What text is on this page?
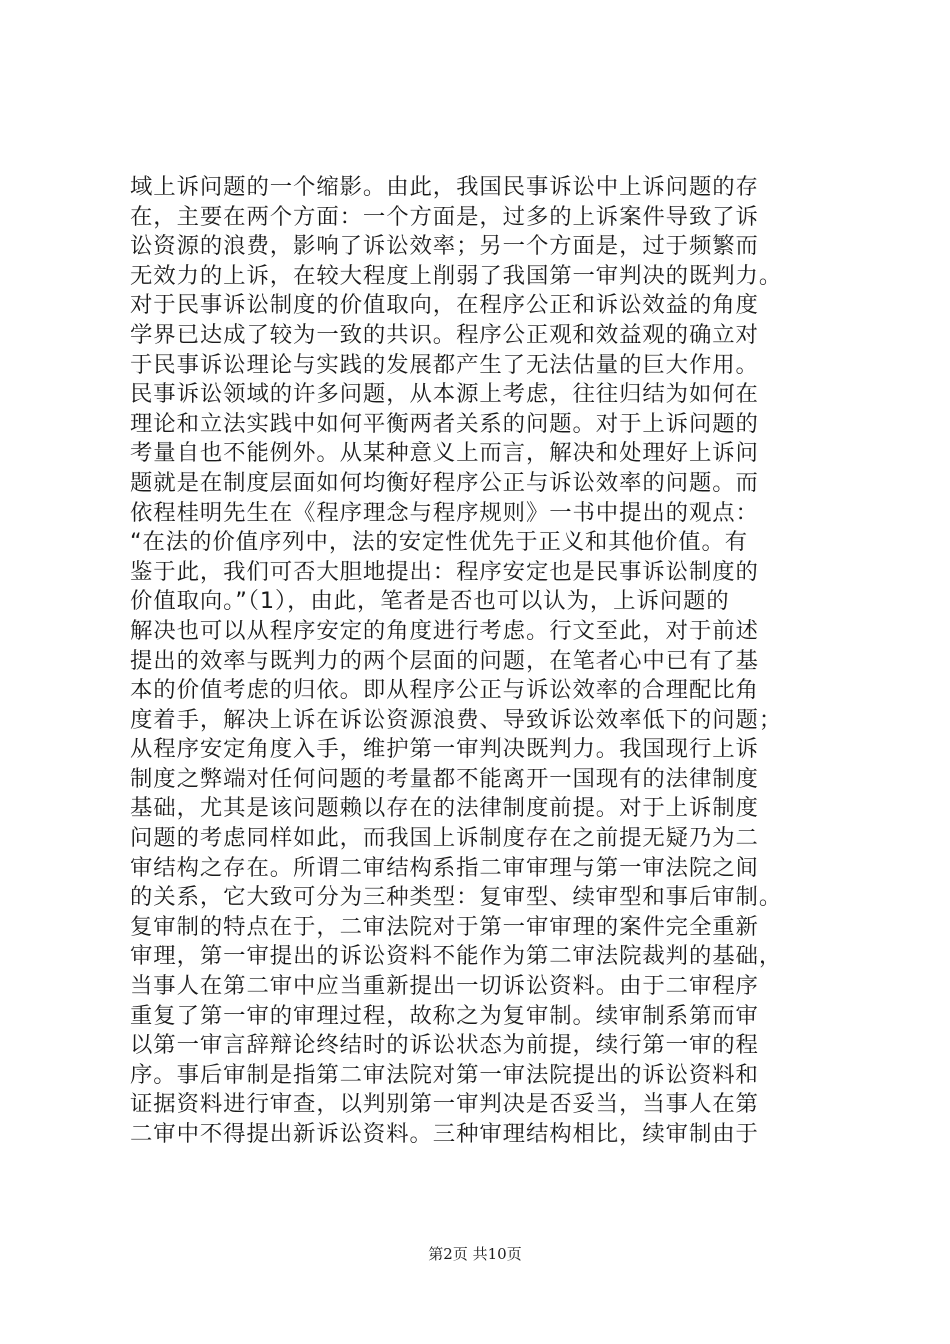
域上诉问题的一个缩影。由此，我国民事诉讼中上诉问题的存
在，主要在两个方面：一个方面是，过多的上诉案件导致了诉
讼资源的浪费，影响了诉讼效率；另一个方面是，过于频繁而
无效力的上诉，在较大程度上削弱了我国第一审判决的既判力。
对于民事诉讼制度的价值取向，在程序公正和诉讼效益的角度
学界已达成了较为一致的共识。程序公正观和效益观的确立对
于民事诉讼理论与实践的发展都产生了无法估量的巨大作用。
民事诉讼领域的许多问题，从本源上考虑，往往归结为如何在
理论和立法实践中如何平衡两者关系的问题。对于上诉问题的
考量自也不能例外。从某种意义上而言，解决和处理好上诉问
题就是在制度层面如何均衡好程序公正与诉讼效率的问题。而
依程桂明先生在《程序理念与程序规则》一书中提出的观点：
“在法的价值序列中，法的安定性优先于正义和其他价值。有
鉴于此，我们可否大胆地提出：程序安定也是民事诉讼制度的
价值取向。”（1），由此，笔者是否也可以认为，上诉问题的
解决也可以从程序安定的角度进行考虑。行文至此，对于前述
提出的效率与既判力的两个层面的问题，在笔者心中已有了基
本的价值考虑的归依。即从程序公正与诉讼效率的合理配比角
度着手，解决上诉在诉讼资源浪费、导致诉讼效率低下的问题；
从程序安定角度入手，维护第一审判决既判力。我国现行上诉
制度之弊端对任何问题的考量都不能离开一国现有的法律制度
基础，尤其是该问题赖以存在的法律制度前提。对于上诉制度
问题的考虑同样如此，而我国上诉制度存在之前提无疑乃为二
审结构之存在。所谓二审结构系指二审审理与第一审法院之间
的关系，它大致可分为三种类型：复审型、续审型和事后审制。
复审制的特点在于，二审法院对于第一审审理的案件完全重新
审理，第一审提出的诉讼资料不能作为第二审法院裁判的基础，
当事人在第二审中应当重新提出一切诉讼资料。由于二审程序
重复了第一审的审理过程，故称之为复审制。续审制系第而审
以第一审言辞辩论终结时的诉讼状态为前提，续行第一审的程
序。事后审制是指第二审法院对第一审法院提出的诉讼资料和
证据资料进行审查，以判别第一审判决是否妥当，当事人在第
二审中不得提出新诉讼资料。三种审理结构相比，续审制由于
第2页 共10页
